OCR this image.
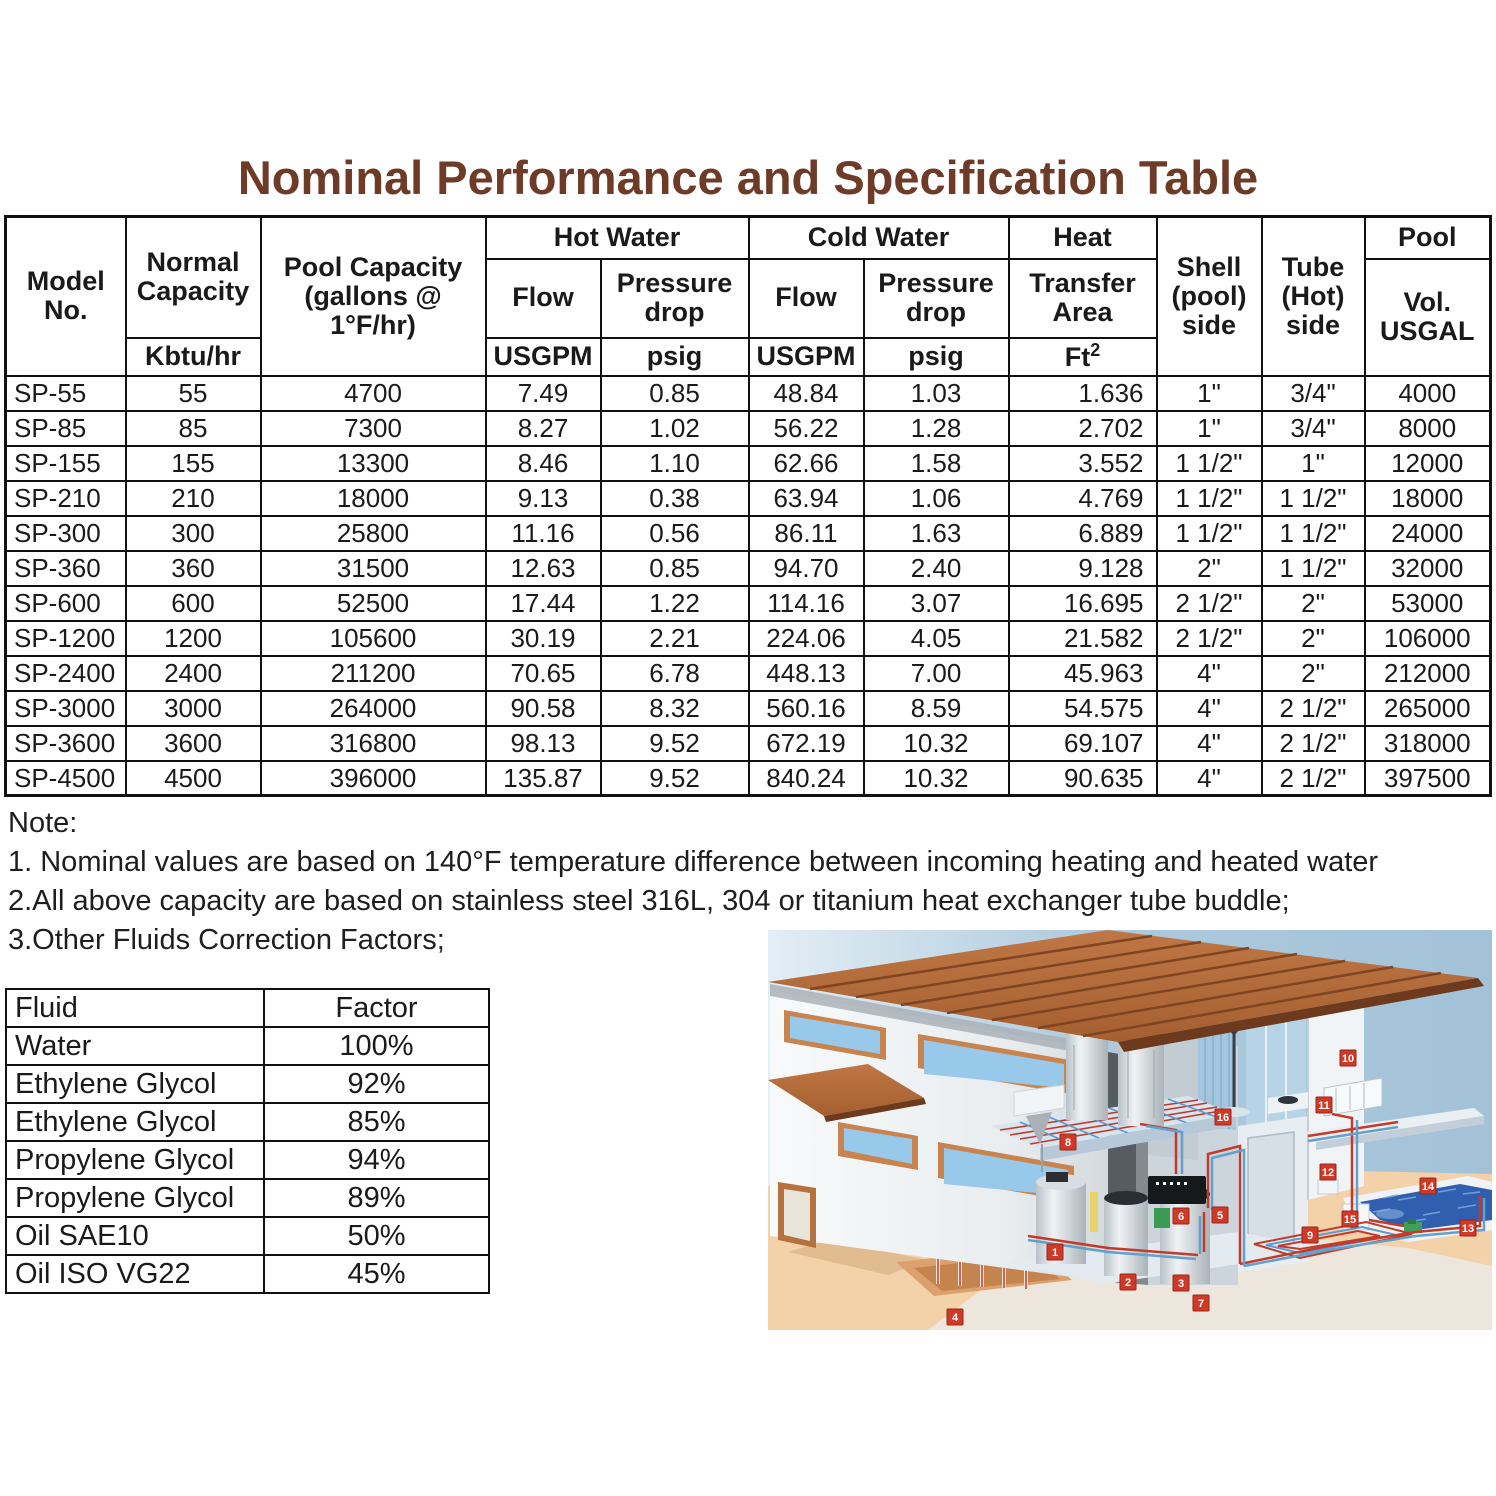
Nominal Performance and Specification Table
Model No.	Normal Capacity	Pool Capacity (gallons @ 1°F/hr)	Hot Water		Cold Water		Heat	Shell (pool) side	Tube (Hot) side	Pool
			Flow	Pressure drop	Flow	Pressure drop	Transfer Area			Vol. USGAL
	Kbtu/hr		USGPM	psig	USGPM	psig	Ft$^2$
SP-55	55	4700	7.49	0.85	48.84	1.03	1.636	1"	3/4"	4000
SP-85	85	7300	8.27	1.02	56.22	1.28	2.702	1"	3/4"	8000
SP-155	155	13300	8.46	1.10	62.66	1.58	3.552	1 1/2"	1"	12000
SP-210	210	18000	9.13	0.38	63.94	1.06	4.769	1 1/2"	1 1/2"	18000
SP-300	300	25800	11.16	0.56	86.11	1.63	6.889	1 1/2"	1 1/2"	24000
SP-360	360	31500	12.63	0.85	94.70	2.40	9.128	2"	1 1/2"	32000
SP-600	600	52500	17.44	1.22	114.16	3.07	16.695	2 1/2"	2"	53000
SP-1200	1200	105600	30.19	2.21	224.06	4.05	21.582	2 1/2"	2"	106000
SP-2400	2400	211200	70.65	6.78	448.13	7.00	45.963	4"	2"	212000
SP-3000	3000	264000	90.58	8.32	560.16	8.59	54.575	4"	2 1/2"	265000
SP-3600	3600	316800	98.13	9.52	672.19	10.32	69.107	4"	2 1/2"	318000
SP-4500	4500	396000	135.87	9.52	840.24	10.32	90.635	4"	2 1/2"	397500
Note:
1. Nominal values are based on 140°F temperature difference between incoming heating and heated water
2.All above capacity are based on stainless steel 316L, 304 or titanium heat exchanger tube buddle;
3.Other Fluids Correction Factors;
Fluid	Factor
Water	100%
Ethylene Glycol	92%
Ethylene Glycol	85%
Propylene Glycol	94%
Propylene Glycol	89%
Oil SAE10	50%
Oil ISO VG22	45%
1
2	3
4
5
6
7
8
9
10
11
12
13
14
15
16
